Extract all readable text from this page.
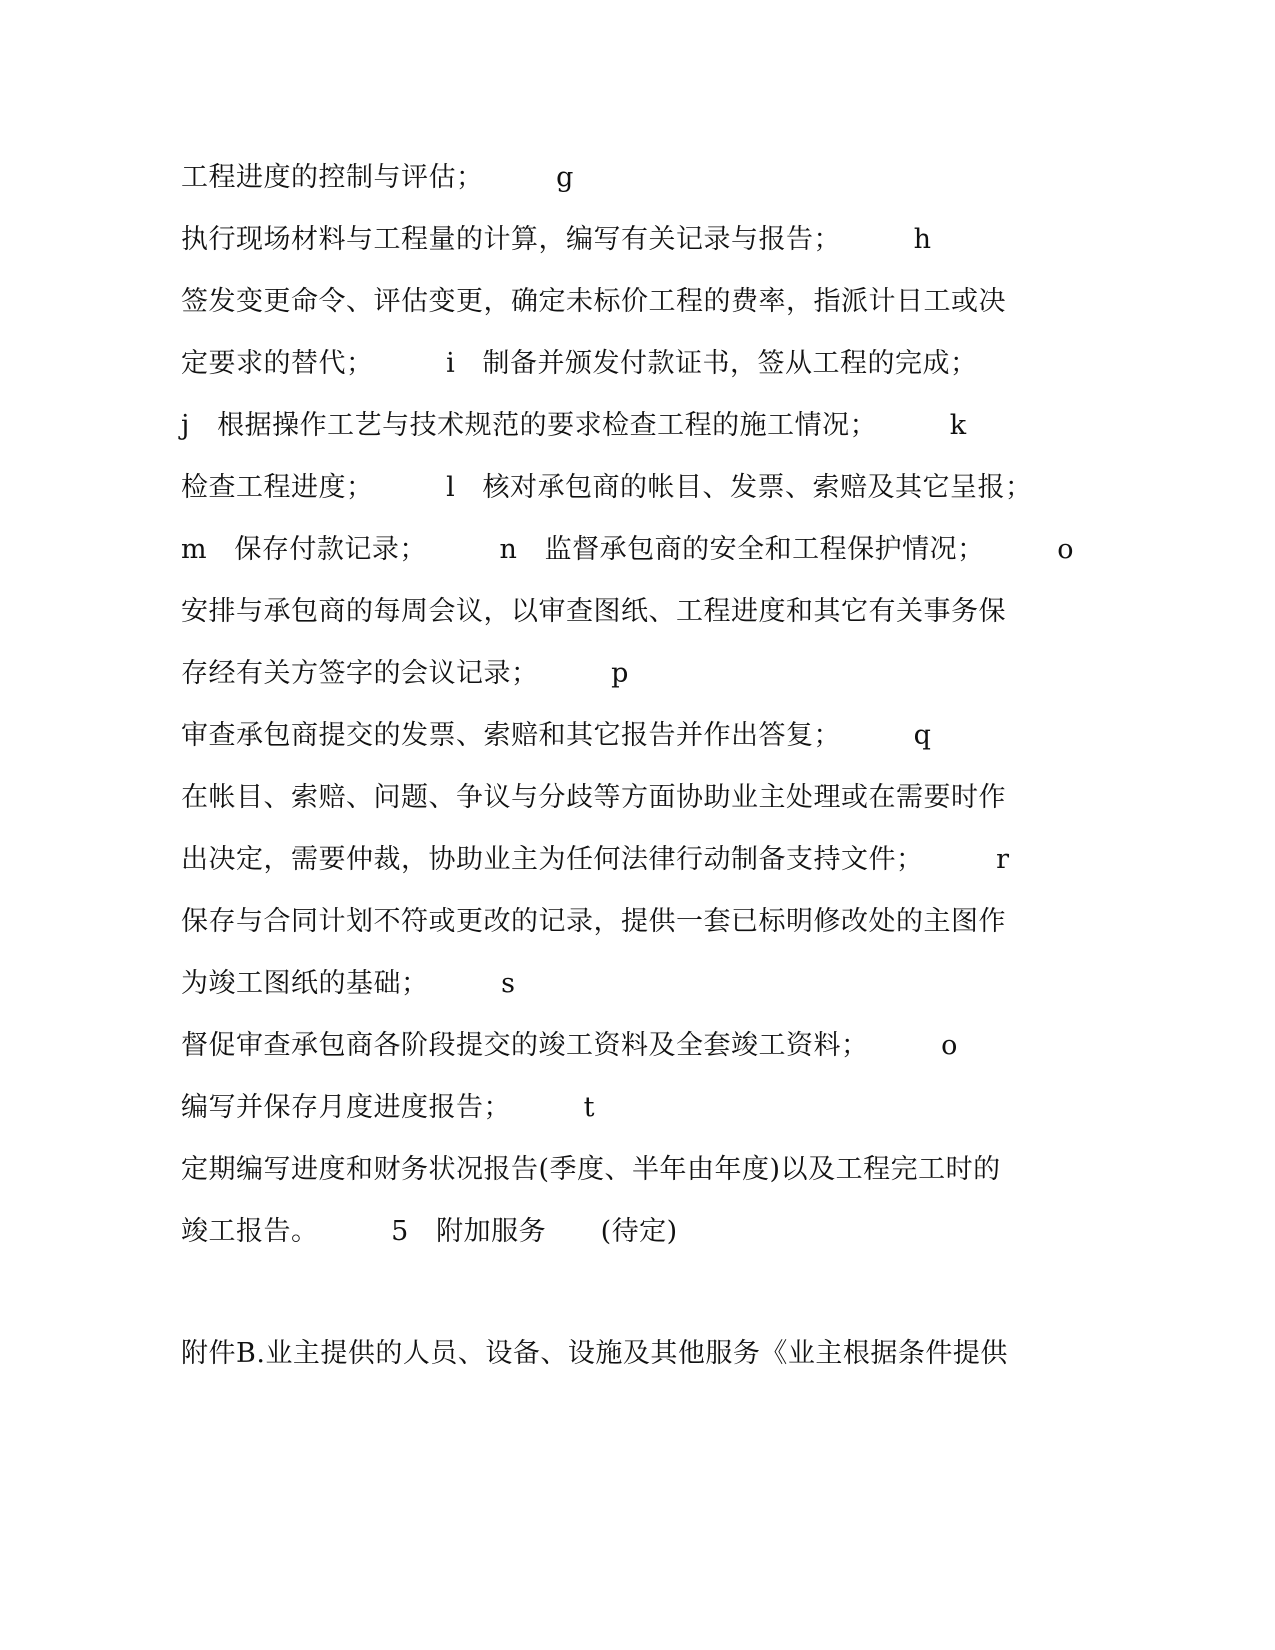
工程进度的控制与评估；        g
执行现场材料与工程量的计算，编写有关记录与报告；        h
签发变更命令、评估变更，确定未标价工程的费率，指派计日工或决
定要求的替代；        i   制备并颁发付款证书，签从工程的完成；
j   根据操作工艺与技术规范的要求检查工程的施工情况；        k
检查工程进度；        l   核对承包商的帐目、发票、索赔及其它呈报；
m   保存付款记录；        n   监督承包商的安全和工程保护情况；        o
安排与承包商的每周会议，以审查图纸、工程进度和其它有关事务保
存经有关方签字的会议记录；        p
审查承包商提交的发票、索赔和其它报告并作出答复；        q
在帐目、索赔、问题、争议与分歧等方面协助业主处理或在需要时作
出决定，需要仲裁，协助业主为任何法律行动制备支持文件；        r
保存与合同计划不符或更改的记录，提供一套已标明修改处的主图作
为竣工图纸的基础；        s
督促审查承包商各阶段提交的竣工资料及全套竣工资料；        o
编写并保存月度进度报告；        t
定期编写进度和财务状况报告(季度、半年由年度)以及工程完工时的
竣工报告。        5   附加服务      (待定)
附件B.业主提供的人员、设备、设施及其他服务《业主根据条件提供
